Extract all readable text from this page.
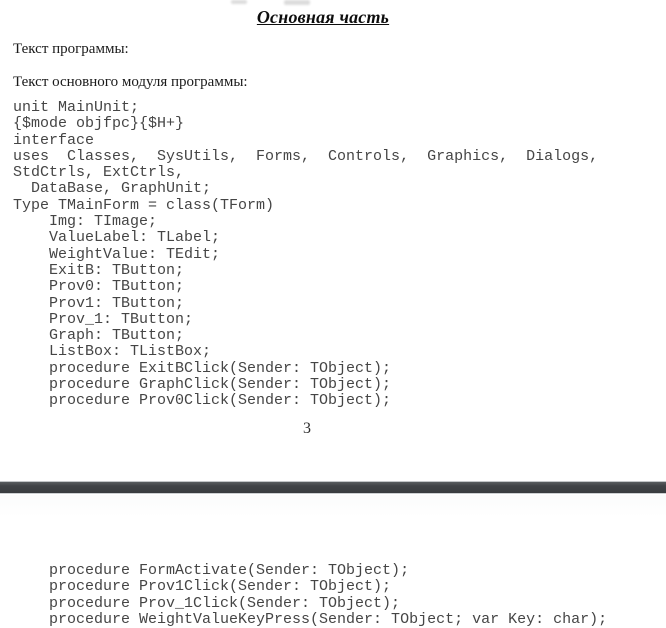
Основная часть

Текст программы:

Текст основного модуля программы:

unit MainUnit;
{$mode objfpc}{$H+}
interface
uses  Classes,  SysUtils,  Forms,  Controls,  Graphics,  Dialogs,
StdCtrls, ExtCtrls,
DataBase, GraphUnit;
Type TMainForm = class(TForm)
Img: TImage;
ValueLabel: TLabel;
WeightValue: TEdit;
ExitB: TButton;
Prov0: TButton;
Prov1: TButton;
Prov_1: TButton;
Graph: TButton;
ListBox: TListBox;
procedure ExitBClick(Sender: TObject);
procedure GraphClick(Sender: TObject);
procedure Prov0Click(Sender: TObject);
3
procedure FormActivate(Sender: TObject);
procedure Prov1Click(Sender: TObject);
procedure Prov_1Click(Sender: TObject);
procedure WeightValueKeyPress(Sender: TObject; var Key: char);
